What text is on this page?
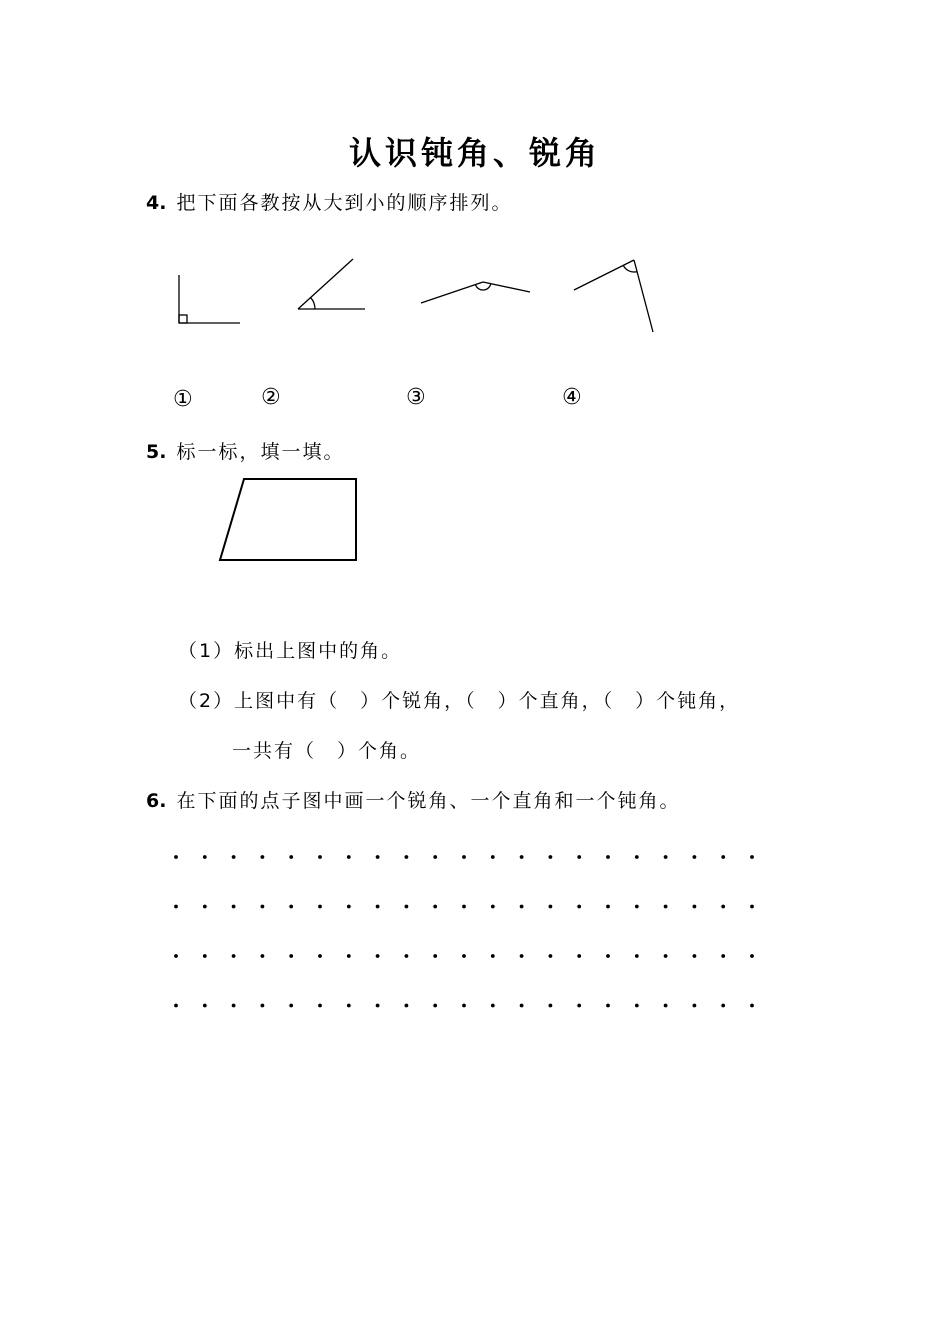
认识钝角、锐角
4. 把下面各教按从大到小的顺序排列。
①	②	③	④
5. 标一标，填一填。
（1）标出上图中的角。
（2）上图中有（　）个锐角，（　）个直角，（　）个钝角，
一共有（　）个角。
6. 在下面的点子图中画一个锐角、一个直角和一个钝角。
